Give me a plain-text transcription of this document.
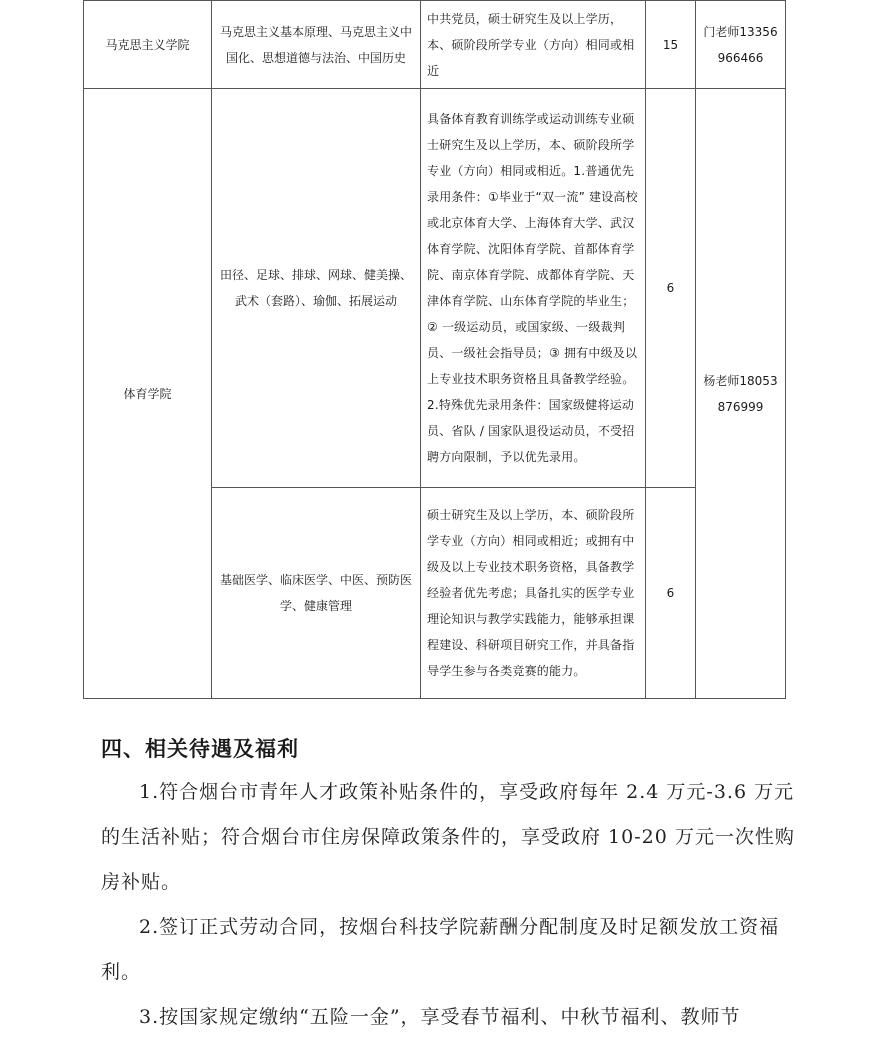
马克思主义学院	马克思主义基本原理、马克思主义中国化、思想道德与法治、中国历史	中共党员，硕士研究生及以上学历，本、硕阶段所学专业（方向）相同或相近	15	门老师13356966466
体育学院	田径、足球、排球、网球、健美操、武术（套路）、瑜伽、拓展运动	具备体育教育训练学或运动训练专业硕士研究生及以上学历，本、硕阶段所学专业（方向）相同或相近。1.普通优先录用条件：①毕业于“双一流” 建设高校或北京体育大学、上海体育大学、武汉体育学院、沈阳体育学院、首都体育学院、南京体育学院、成都体育学院、天津体育学院、山东体育学院的毕业生；② 一级运动员，或国家级、一级裁判员、一级社会指导员；③ 拥有中级及以上专业技术职务资格且具备教学经验。2.特殊优先录用条件：国家级健将运动员、省队 / 国家队退役运动员，不受招聘方向限制，予以优先录用。	6	杨老师18053876999
	基础医学、临床医学、中医、预防医学、健康管理	硕士研究生及以上学历，本、硕阶段所学专业（方向）相同或相近；或拥有中级及以上专业技术职务资格，具备教学经验者优先考虑；具备扎实的医学专业理论知识与教学实践能力，能够承担课程建设、科研项目研究工作，并具备指导学生参与各类竞赛的能力。	6	
四、相关待遇及福利
1.符合烟台市青年人才政策补贴条件的，享受政府每年 2.4 万元-3.6 万元的生活补贴；符合烟台市住房保障政策条件的，享受政府 10-20 万元一次性购房补贴。
2.签订正式劳动合同，按烟台科技学院薪酬分配制度及时足额发放工资福利。
3.按国家规定缴纳“五险一金”，享受春节福利、中秋节福利、教师节
